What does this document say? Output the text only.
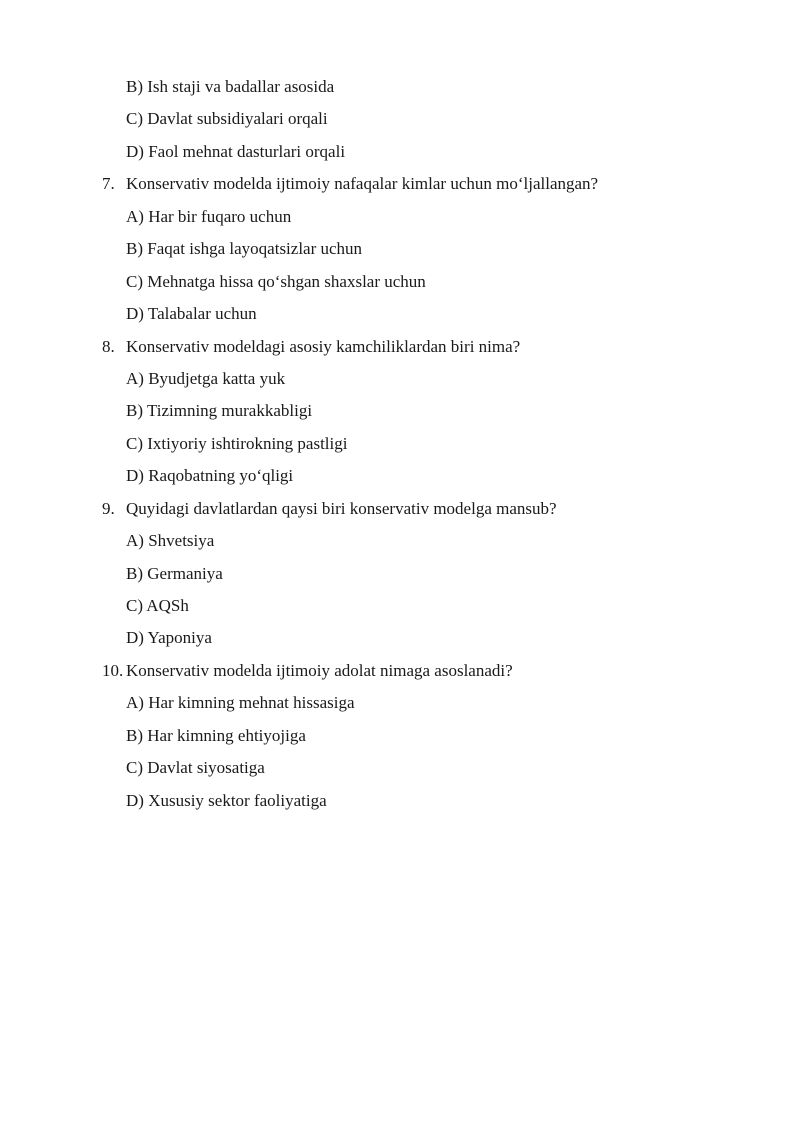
B) Ish staji va badallar asosida
C) Davlat subsidiyalari orqali
D) Faol mehnat dasturlari orqali
7. Konservativ modelda ijtimoiy nafaqalar kimlar uchun mo‘ljallangan?
A) Har bir fuqaro uchun
B) Faqat ishga layoqatsizlar uchun
C) Mehnatga hissa qo‘shgan shaxslar uchun
D) Talabalar uchun
8. Konservativ modeldagi asosiy kamchiliklardan biri nima?
A) Byudjetga katta yuk
B) Tizimning murakkabligi
C) Ixtiyoriy ishtirokning pastligi
D) Raqobatning yo‘qligi
9. Quyidagi davlatlardan qaysi biri konservativ modelga mansub?
A) Shvetsiya
B) Germaniya
C) AQSh
D) Yaponiya
10. Konservativ modelda ijtimoiy adolat nimaga asoslanadi?
A) Har kimning mehnat hissasiga
B) Har kimning ehtiyojiga
C) Davlat siyosatiga
D) Xususiy sektor faoliyatiga
